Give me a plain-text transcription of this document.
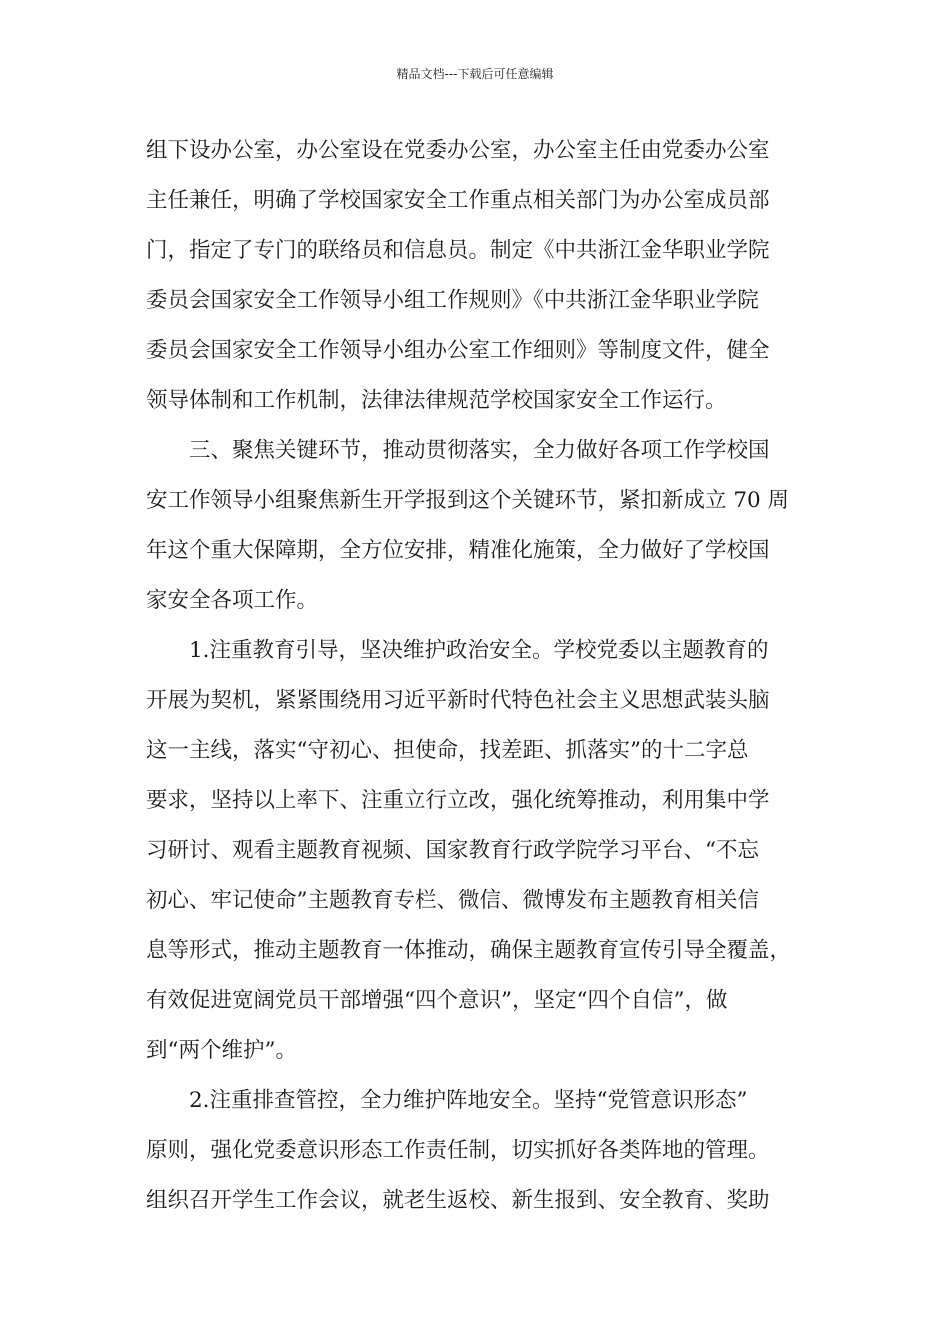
精品文档---下载后可任意编辑
组下设办公室，办公室设在党委办公室，办公室主任由党委办公室
主任兼任，明确了学校国家安全工作重点相关部门为办公室成员部
门，指定了专门的联络员和信息员。制定《中共浙江金华职业学院
委员会国家安全工作领导小组工作规则》《中共浙江金华职业学院
委员会国家安全工作领导小组办公室工作细则》等制度文件，健全
领导体制和工作机制，法律法律规范学校国家安全工作运行。
三、聚焦关键环节，推动贯彻落实，全力做好各项工作学校国
安工作领导小组聚焦新生开学报到这个关键环节，紧扣新成立 70 周
年这个重大保障期，全方位安排，精准化施策，全力做好了学校国
家安全各项工作。
1.注重教育引导，坚决维护政治安全。学校党委以主题教育的
开展为契机，紧紧围绕用习近平新时代特色社会主义思想武装头脑
这一主线，落实“守初心、担使命，找差距、抓落实”的十二字总
要求，坚持以上率下、注重立行立改，强化统筹推动，利用集中学
习研讨、观看主题教育视频、国家教育行政学院学习平台、“不忘
初心、牢记使命”主题教育专栏、微信、微博发布主题教育相关信
息等形式，推动主题教育一体推动，确保主题教育宣传引导全覆盖，
有效促进宽阔党员干部增强“四个意识”，坚定“四个自信”，做
到“两个维护”。
2.注重排查管控，全力维护阵地安全。坚持“党管意识形态”
原则，强化党委意识形态工作责任制，切实抓好各类阵地的管理。
组织召开学生工作会议，就老生返校、新生报到、安全教育、奖助
